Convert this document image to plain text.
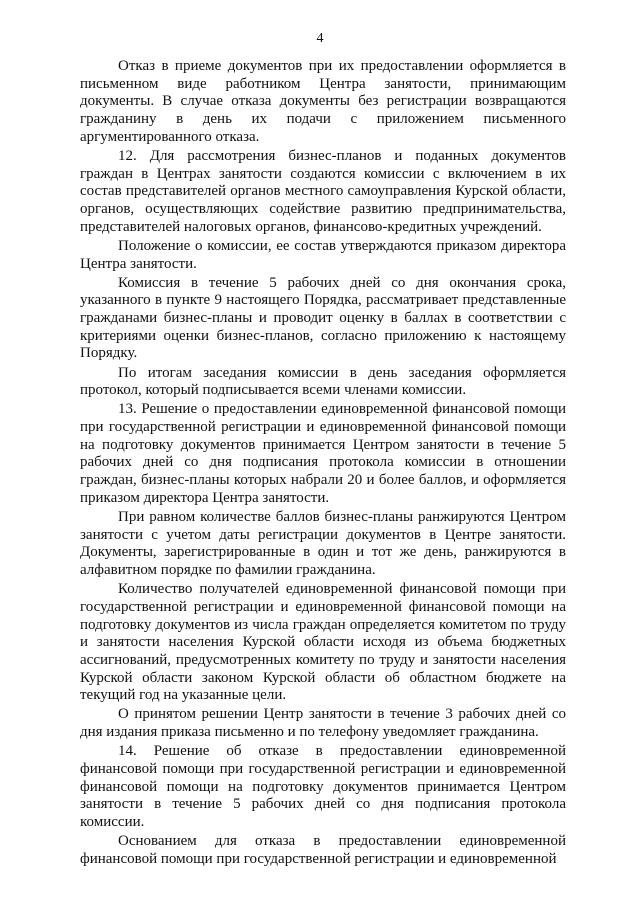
4

Отказ в приеме документов при их предоставлении оформляется в письменном виде работником Центра занятости, принимающим документы. В случае отказа документы без регистрации возвращаются гражданину в день их подачи с приложением письменного аргументированного отказа.

12. Для рассмотрения бизнес-планов и поданных документов граждан в Центрах занятости создаются комиссии с включением в их состав представителей органов местного самоуправления Курской области, органов, осуществляющих содействие развитию предпринимательства, представителей налоговых органов, финансово-кредитных учреждений.

Положение о комиссии, ее состав утверждаются приказом директора Центра занятости.

Комиссия в течение 5 рабочих дней со дня окончания срока, указанного в пункте 9 настоящего Порядка, рассматривает представленные гражданами бизнес-планы и проводит оценку в баллах в соответствии с критериями оценки бизнес-планов, согласно приложению к настоящему Порядку.

По итогам заседания комиссии в день заседания оформляется протокол, который подписывается всеми членами комиссии.

13. Решение о предоставлении единовременной финансовой помощи при государственной регистрации и единовременной финансовой помощи на подготовку документов принимается Центром занятости в течение 5 рабочих дней со дня подписания протокола комиссии в отношении граждан, бизнес-планы которых набрали 20 и более баллов, и оформляется приказом директора Центра занятости.

При равном количестве баллов бизнес-планы ранжируются Центром занятости с учетом даты регистрации документов в Центре занятости. Документы, зарегистрированные в один и тот же день, ранжируются в алфавитном порядке по фамилии гражданина.

Количество получателей единовременной финансовой помощи при государственной регистрации и единовременной финансовой помощи на подготовку документов из числа граждан определяется комитетом по труду и занятости населения Курской области исходя из объема бюджетных ассигнований, предусмотренных комитету по труду и занятости населения Курской области законом Курской области об областном бюджете на текущий год на указанные цели.

О принятом решении Центр занятости в течение 3 рабочих дней со дня издания приказа письменно и по телефону уведомляет гражданина.

14. Решение об отказе в предоставлении единовременной финансовой помощи при государственной регистрации и единовременной финансовой помощи на подготовку документов принимается Центром занятости в течение 5 рабочих дней со дня подписания протокола комиссии.

Основанием для отказа в предоставлении единовременной финансовой помощи при государственной регистрации и единовременной
